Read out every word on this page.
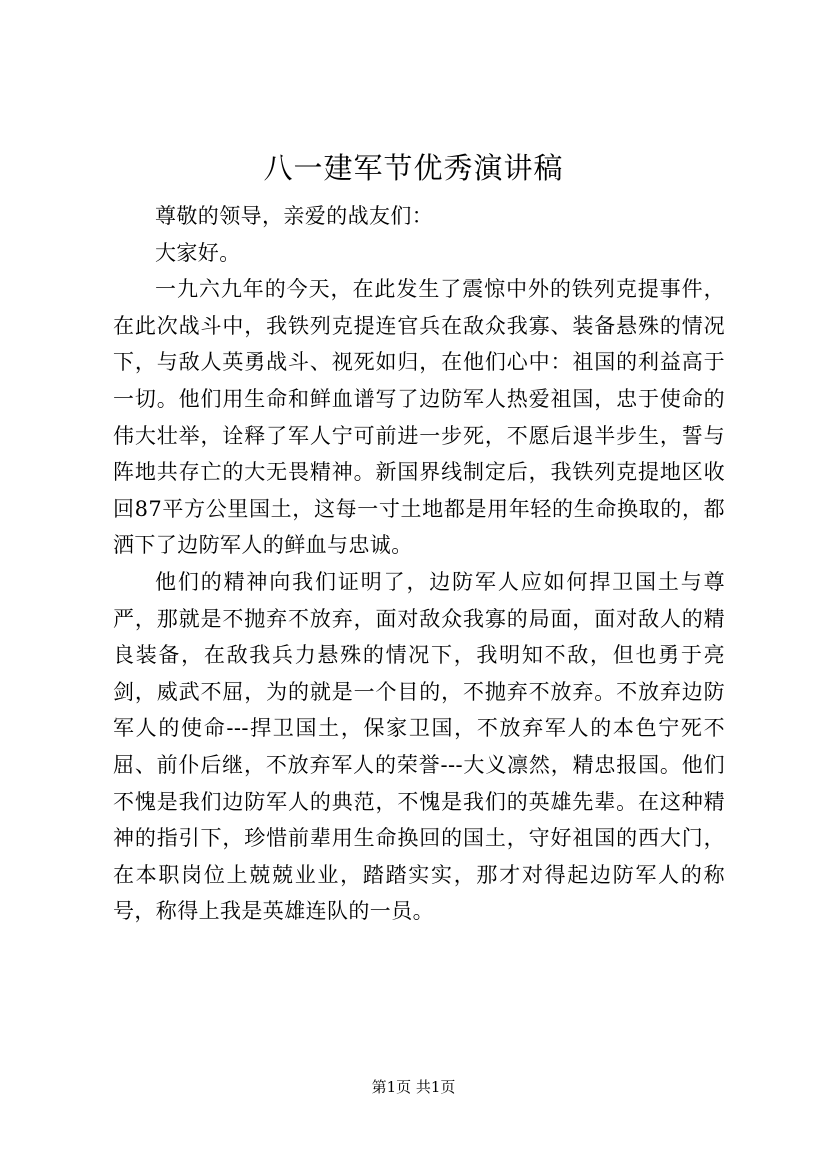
八一建军节优秀演讲稿

尊敬的领导，亲爱的战友们：

大家好。

一九六九年的今天，在此发生了震惊中外的铁列克提事件，在此次战斗中，我铁列克提连官兵在敌众我寡、装备悬殊的情况下，与敌人英勇战斗、视死如归，在他们心中：祖国的利益高于一切。他们用生命和鲜血谱写了边防军人热爱祖国，忠于使命的伟大壮举，诠释了军人宁可前进一步死，不愿后退半步生，誓与阵地共存亡的大无畏精神。新国界线制定后，我铁列克提地区收回87平方公里国土，这每一寸土地都是用年轻的生命换取的，都洒下了边防军人的鲜血与忠诚。

他们的精神向我们证明了，边防军人应如何捍卫国土与尊严，那就是不抛弃不放弃，面对敌众我寡的局面，面对敌人的精良装备，在敌我兵力悬殊的情况下，我明知不敌，但也勇于亮剑，威武不屈，为的就是一个目的，不抛弃不放弃。不放弃边防军人的使命---捍卫国土，保家卫国，不放弃军人的本色宁死不屈、前仆后继，不放弃军人的荣誉---大义凛然，精忠报国。他们不愧是我们边防军人的典范，不愧是我们的英雄先辈。在这种精神的指引下，珍惜前辈用生命换回的国土，守好祖国的西大门，在本职岗位上兢兢业业，踏踏实实，那才对得起边防军人的称号，称得上我是英雄连队的一员。

第1页 共1页
